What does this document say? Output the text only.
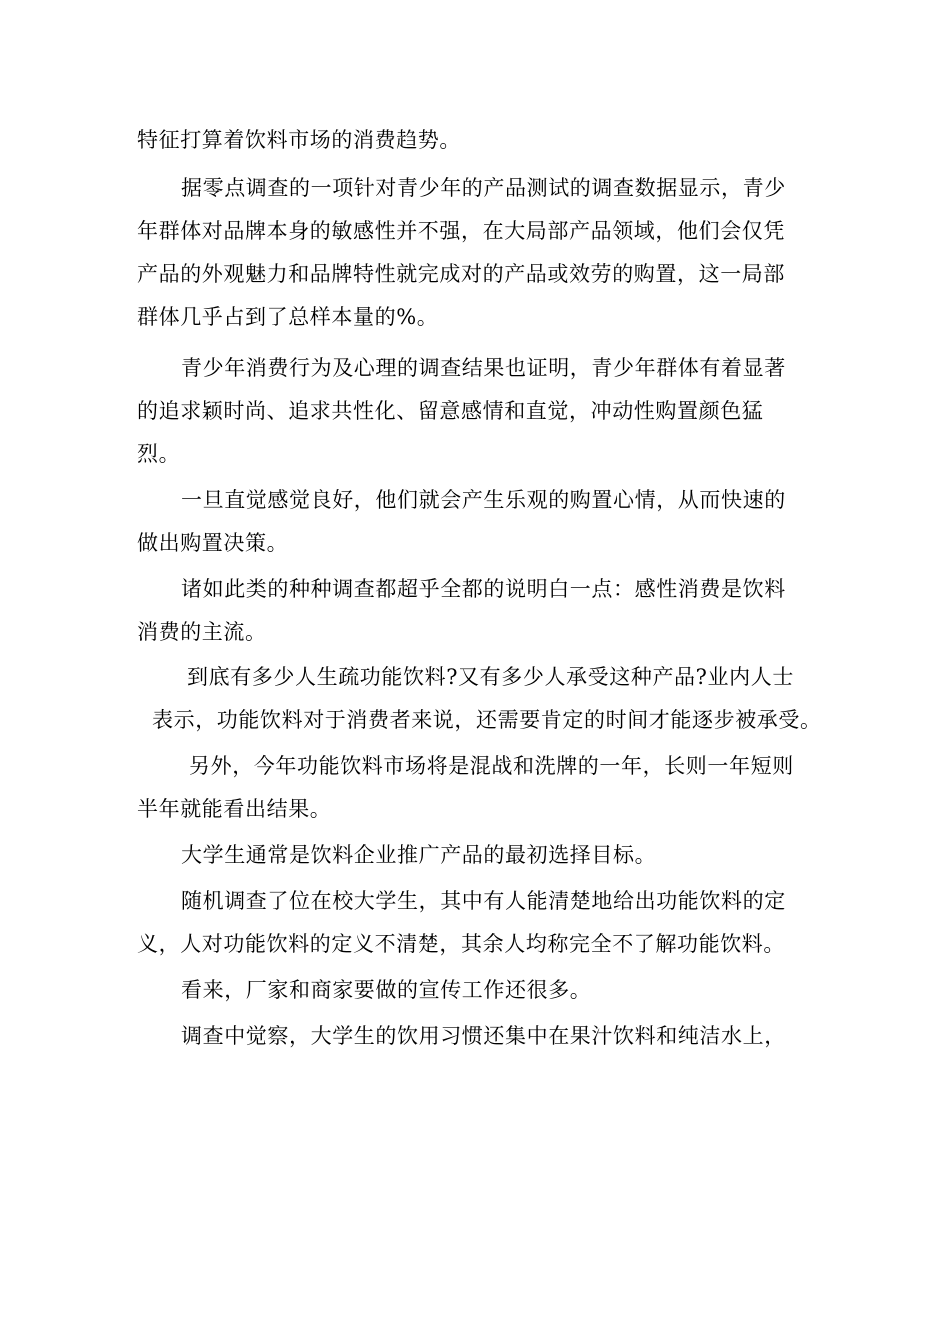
特征打算着饮料市场的消费趋势。
据零点调查的一项针对青少年的产品测试的调查数据显示，青少
年群体对品牌本身的敏感性并不强，在大局部产品领域，他们会仅凭
产品的外观魅力和品牌特性就完成对的产品或效劳的购置，这一局部
群体几乎占到了总样本量的%。
青少年消费行为及心理的调查结果也证明，青少年群体有着显著
的追求颖时尚、追求共性化、留意感情和直觉，冲动性购置颜色猛
烈。
一旦直觉感觉良好，他们就会产生乐观的购置心情，从而快速的
做出购置决策。
诸如此类的种种调查都超乎全都的说明白一点：感性消费是饮料
消费的主流。
到底有多少人生疏功能饮料?又有多少人承受这种产品?业内人士
表示，功能饮料对于消费者来说，还需要肯定的时间才能逐步被承受。
另外，今年功能饮料市场将是混战和洗牌的一年，长则一年短则
半年就能看出结果。
大学生通常是饮料企业推广产品的最初选择目标。
随机调查了位在校大学生，其中有人能清楚地给出功能饮料的定
义，人对功能饮料的定义不清楚，其余人均称完全不了解功能饮料。
看来，厂家和商家要做的宣传工作还很多。
调查中觉察，大学生的饮用习惯还集中在果汁饮料和纯洁水上，
